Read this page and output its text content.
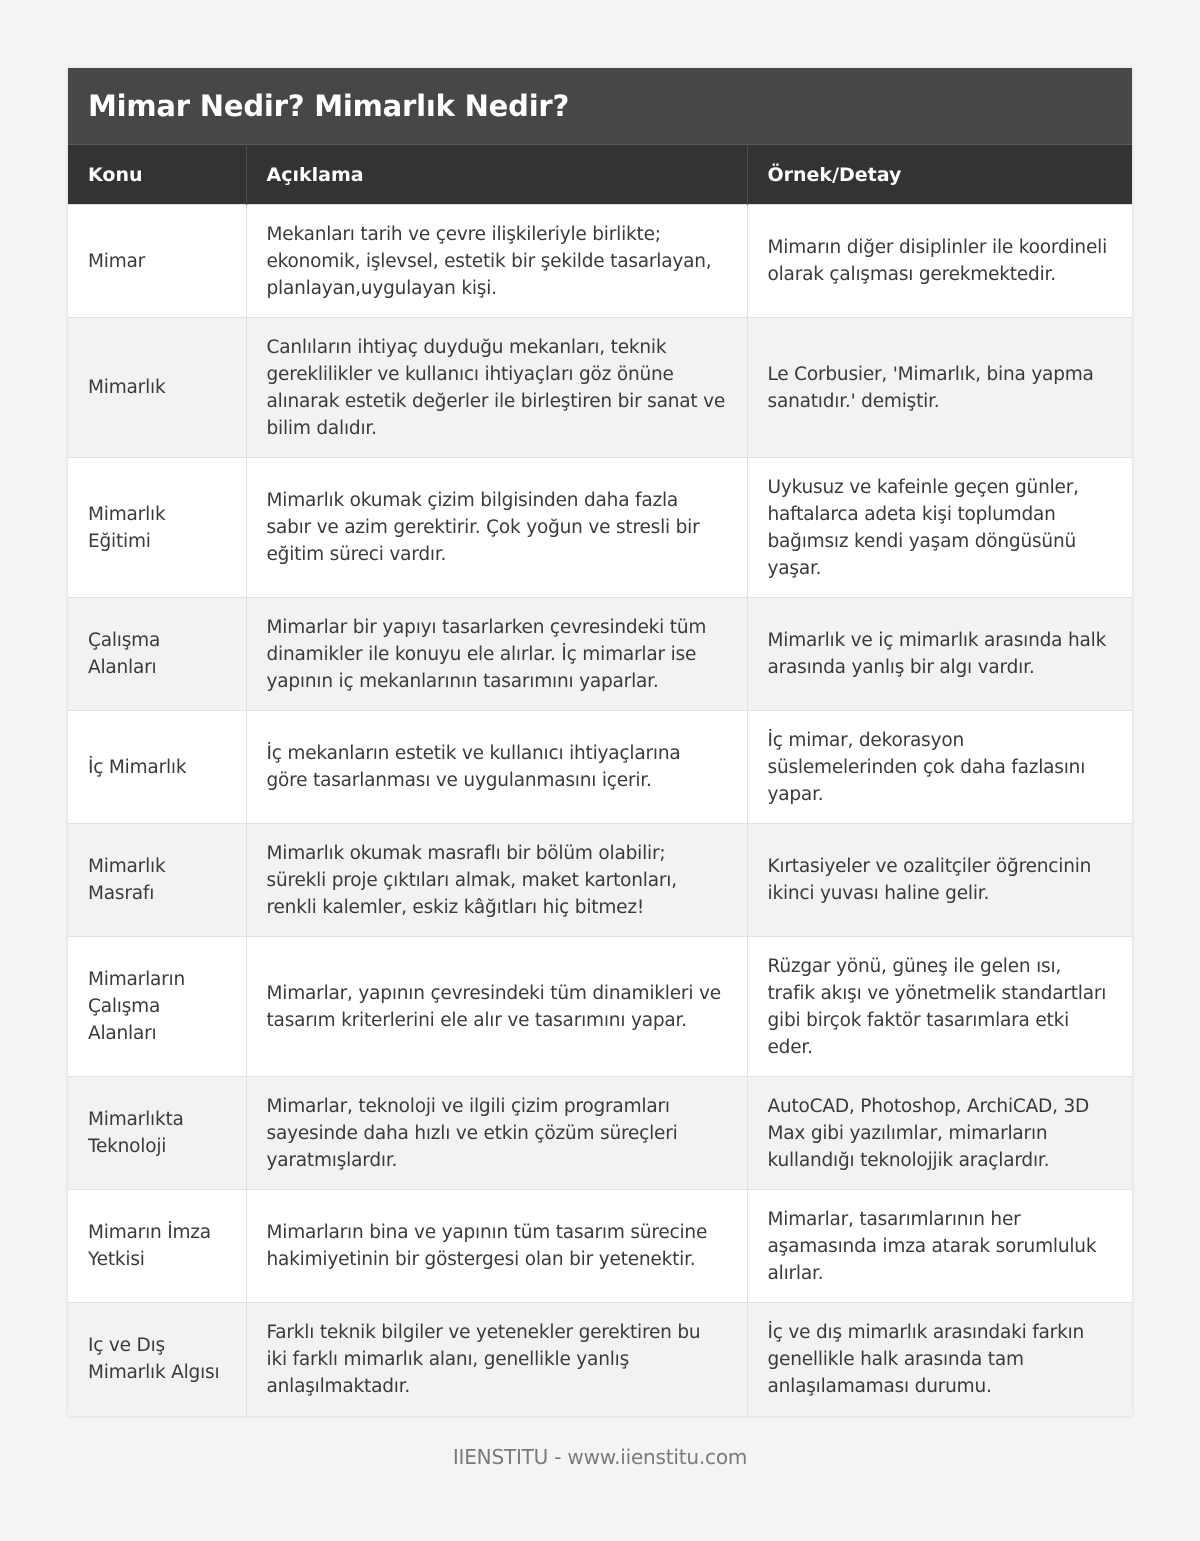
Mimar Nedir? Mimarlık Nedir?
Konu	Açıklama	Örnek/Detay
Mimar	Mekanları tarih ve çevre ilişkileriyle birlikte; ekonomik, işlevsel, estetik bir şekilde tasarlayan, planlayan,uygulayan kişi.	Mimarın diğer disiplinler ile koordineli olarak çalışması gerekmektedir.
Mimarlık	Canlıların ihtiyaç duyduğu mekanları, teknik gereklilikler ve kullanıcı ihtiyaçları göz önüne alınarak estetik değerler ile birleştiren bir sanat ve bilim dalıdır.	Le Corbusier, 'Mimarlık, bina yapma sanatıdır.' demiştir.
Mimarlık Eğitimi	Mimarlık okumak çizim bilgisinden daha fazla sabır ve azim gerektirir. Çok yoğun ve stresli bir eğitim süreci vardır.	Uykusuz ve kafeinle geçen günler, haftalarca adeta kişi toplumdan bağımsız kendi yaşam döngüsünü yaşar.
Çalışma Alanları	Mimarlar bir yapıyı tasarlarken çevresindeki tüm dinamikler ile konuyu ele alırlar. İç mimarlar ise yapının iç mekanlarının tasarımını yaparlar.	Mimarlık ve iç mimarlık arasında halk arasında yanlış bir algı vardır.
İç Mimarlık	İç mekanların estetik ve kullanıcı ihtiyaçlarına göre tasarlanması ve uygulanmasını içerir.	İç mimar, dekorasyon süslemelerinden çok daha fazlasını yapar.
Mimarlık Masrafı	Mimarlık okumak masraflı bir bölüm olabilir; sürekli proje çıktıları almak, maket kartonları, renkli kalemler, eskiz kâğıtları hiç bitmez!	Kırtasiyeler ve ozalitçiler öğrencinin ikinci yuvası haline gelir.
Mimarların Çalışma Alanları	Mimarlar, yapının çevresindeki tüm dinamikleri ve tasarım kriterlerini ele alır ve tasarımını yapar.	Rüzgar yönü, güneş ile gelen ısı, trafik akışı ve yönetmelik standartları gibi birçok faktör tasarımlara etki eder.
Mimarlıkta Teknoloji	Mimarlar, teknoloji ve ilgili çizim programları sayesinde daha hızlı ve etkin çözüm süreçleri yaratmışlardır.	AutoCAD, Photoshop, ArchiCAD, 3D Max gibi yazılımlar, mimarların kullandığı teknolojjik araçlardır.
Mimarın İmza Yetkisi	Mimarların bina ve yapının tüm tasarım sürecine hakimiyetinin bir göstergesi olan bir yetenektir.	Mimarlar, tasarımlarının her aşamasında imza atarak sorumluluk alırlar.
Iç ve Dış Mimarlık Algısı	Farklı teknik bilgiler ve yetenekler gerektiren bu iki farklı mimarlık alanı, genellikle yanlış anlaşılmaktadır.	İç ve dış mimarlık arasındaki farkın genellikle halk arasında tam anlaşılamaması durumu.
IIENSTITU - www.iienstitu.com
